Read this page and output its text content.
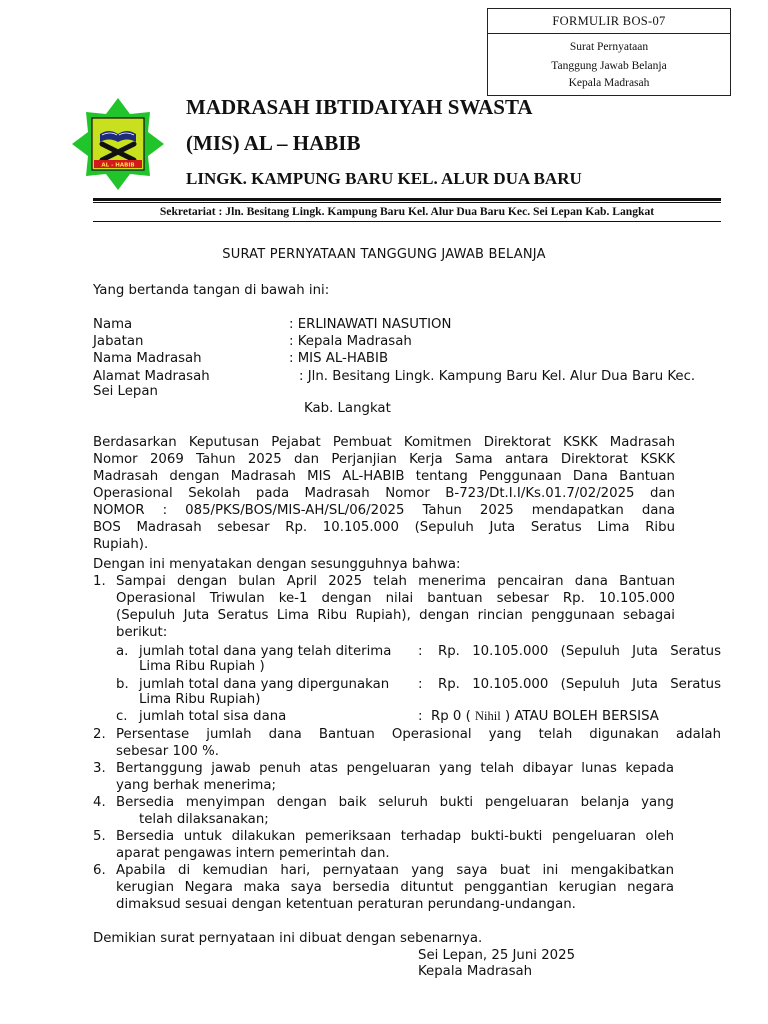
FORMULIR BOS-07
Surat Pernyataan
Tanggung Jawab Belanja
Kepala Madrasah
AL - HABIB
MADRASAH IBTIDAIYAH SWASTA
(MIS) AL – HABIB
LINGK. KAMPUNG BARU KEL. ALUR DUA BARU
Sekretariat : Jln. Besitang Lingk. Kampung Baru Kel. Alur Dua Baru Kec. Sei Lepan Kab. Langkat
SURAT PERNYATAAN TANGGUNG JAWAB BELANJA
Yang bertanda tangan di bawah ini:
Nama	: ERLINAWATI NASUTION
Jabatan	: Kepala Madrasah
Nama Madrasah	: MIS AL-HABIB
Alamat Madrasah	: Jln. Besitang Lingk. Kampung Baru Kel. Alur Dua Baru Kec.
Sei Lepan
Kab. Langkat
Berdasarkan Keputusan Pejabat Pembuat Komitmen Direktorat KSKK Madrasah
Nomor 2069 Tahun 2025 dan Perjanjian Kerja Sama antara Direktorat KSKK
Madrasah dengan Madrasah MIS AL-HABIB tentang Penggunaan Dana Bantuan
Operasional Sekolah pada Madrasah Nomor B-723/Dt.I.I/Ks.01.7/02/2025 dan
NOMOR : 085/PKS/BOS/MIS-AH/SL/06/2025 Tahun 2025 mendapatkan dana
BOS Madrasah sebesar Rp. 10.105.000 (Sepuluh Juta Seratus Lima Ribu
Rupiah).
Dengan ini menyatakan dengan sesungguhnya bahwa:
1. Sampai dengan bulan April 2025 telah menerima pencairan dana Bantuan
Operasional Triwulan ke-1 dengan nilai bantuan sebesar Rp. 10.105.000
(Sepuluh Juta Seratus Lima Ribu Rupiah), dengan rincian penggunaan sebagai
berikut:
a. jumlah total dana yang telah diterima : Rp. 10.105.000 (Sepuluh Juta Seratus
Lima Ribu Rupiah )
b. jumlah total dana yang dipergunakan : Rp. 10.105.000 (Sepuluh Juta Seratus
Lima Ribu Rupiah)
c. jumlah total sisa dana	: Rp 0 ( Nihil ) ATAU BOLEH BERSISA
2. Persentase jumlah dana Bantuan Operasional yang telah digunakan adalah
sebesar 100 %.
3. Bertanggung jawab penuh atas pengeluaran yang telah dibayar lunas kepada
yang berhak menerima;
4. Bersedia menyimpan dengan baik seluruh bukti pengeluaran belanja yang
telah dilaksanakan;
5. Bersedia untuk dilakukan pemeriksaan terhadap bukti-bukti pengeluaran oleh
aparat pengawas intern pemerintah dan.
6. Apabila di kemudian hari, pernyataan yang saya buat ini mengakibatkan
kerugian Negara maka saya bersedia dituntut penggantian kerugian negara
dimaksud sesuai dengan ketentuan peraturan perundang-undangan.
Demikian surat pernyataan ini dibuat dengan sebenarnya.
Sei Lepan, 25 Juni 2025
Kepala Madrasah
